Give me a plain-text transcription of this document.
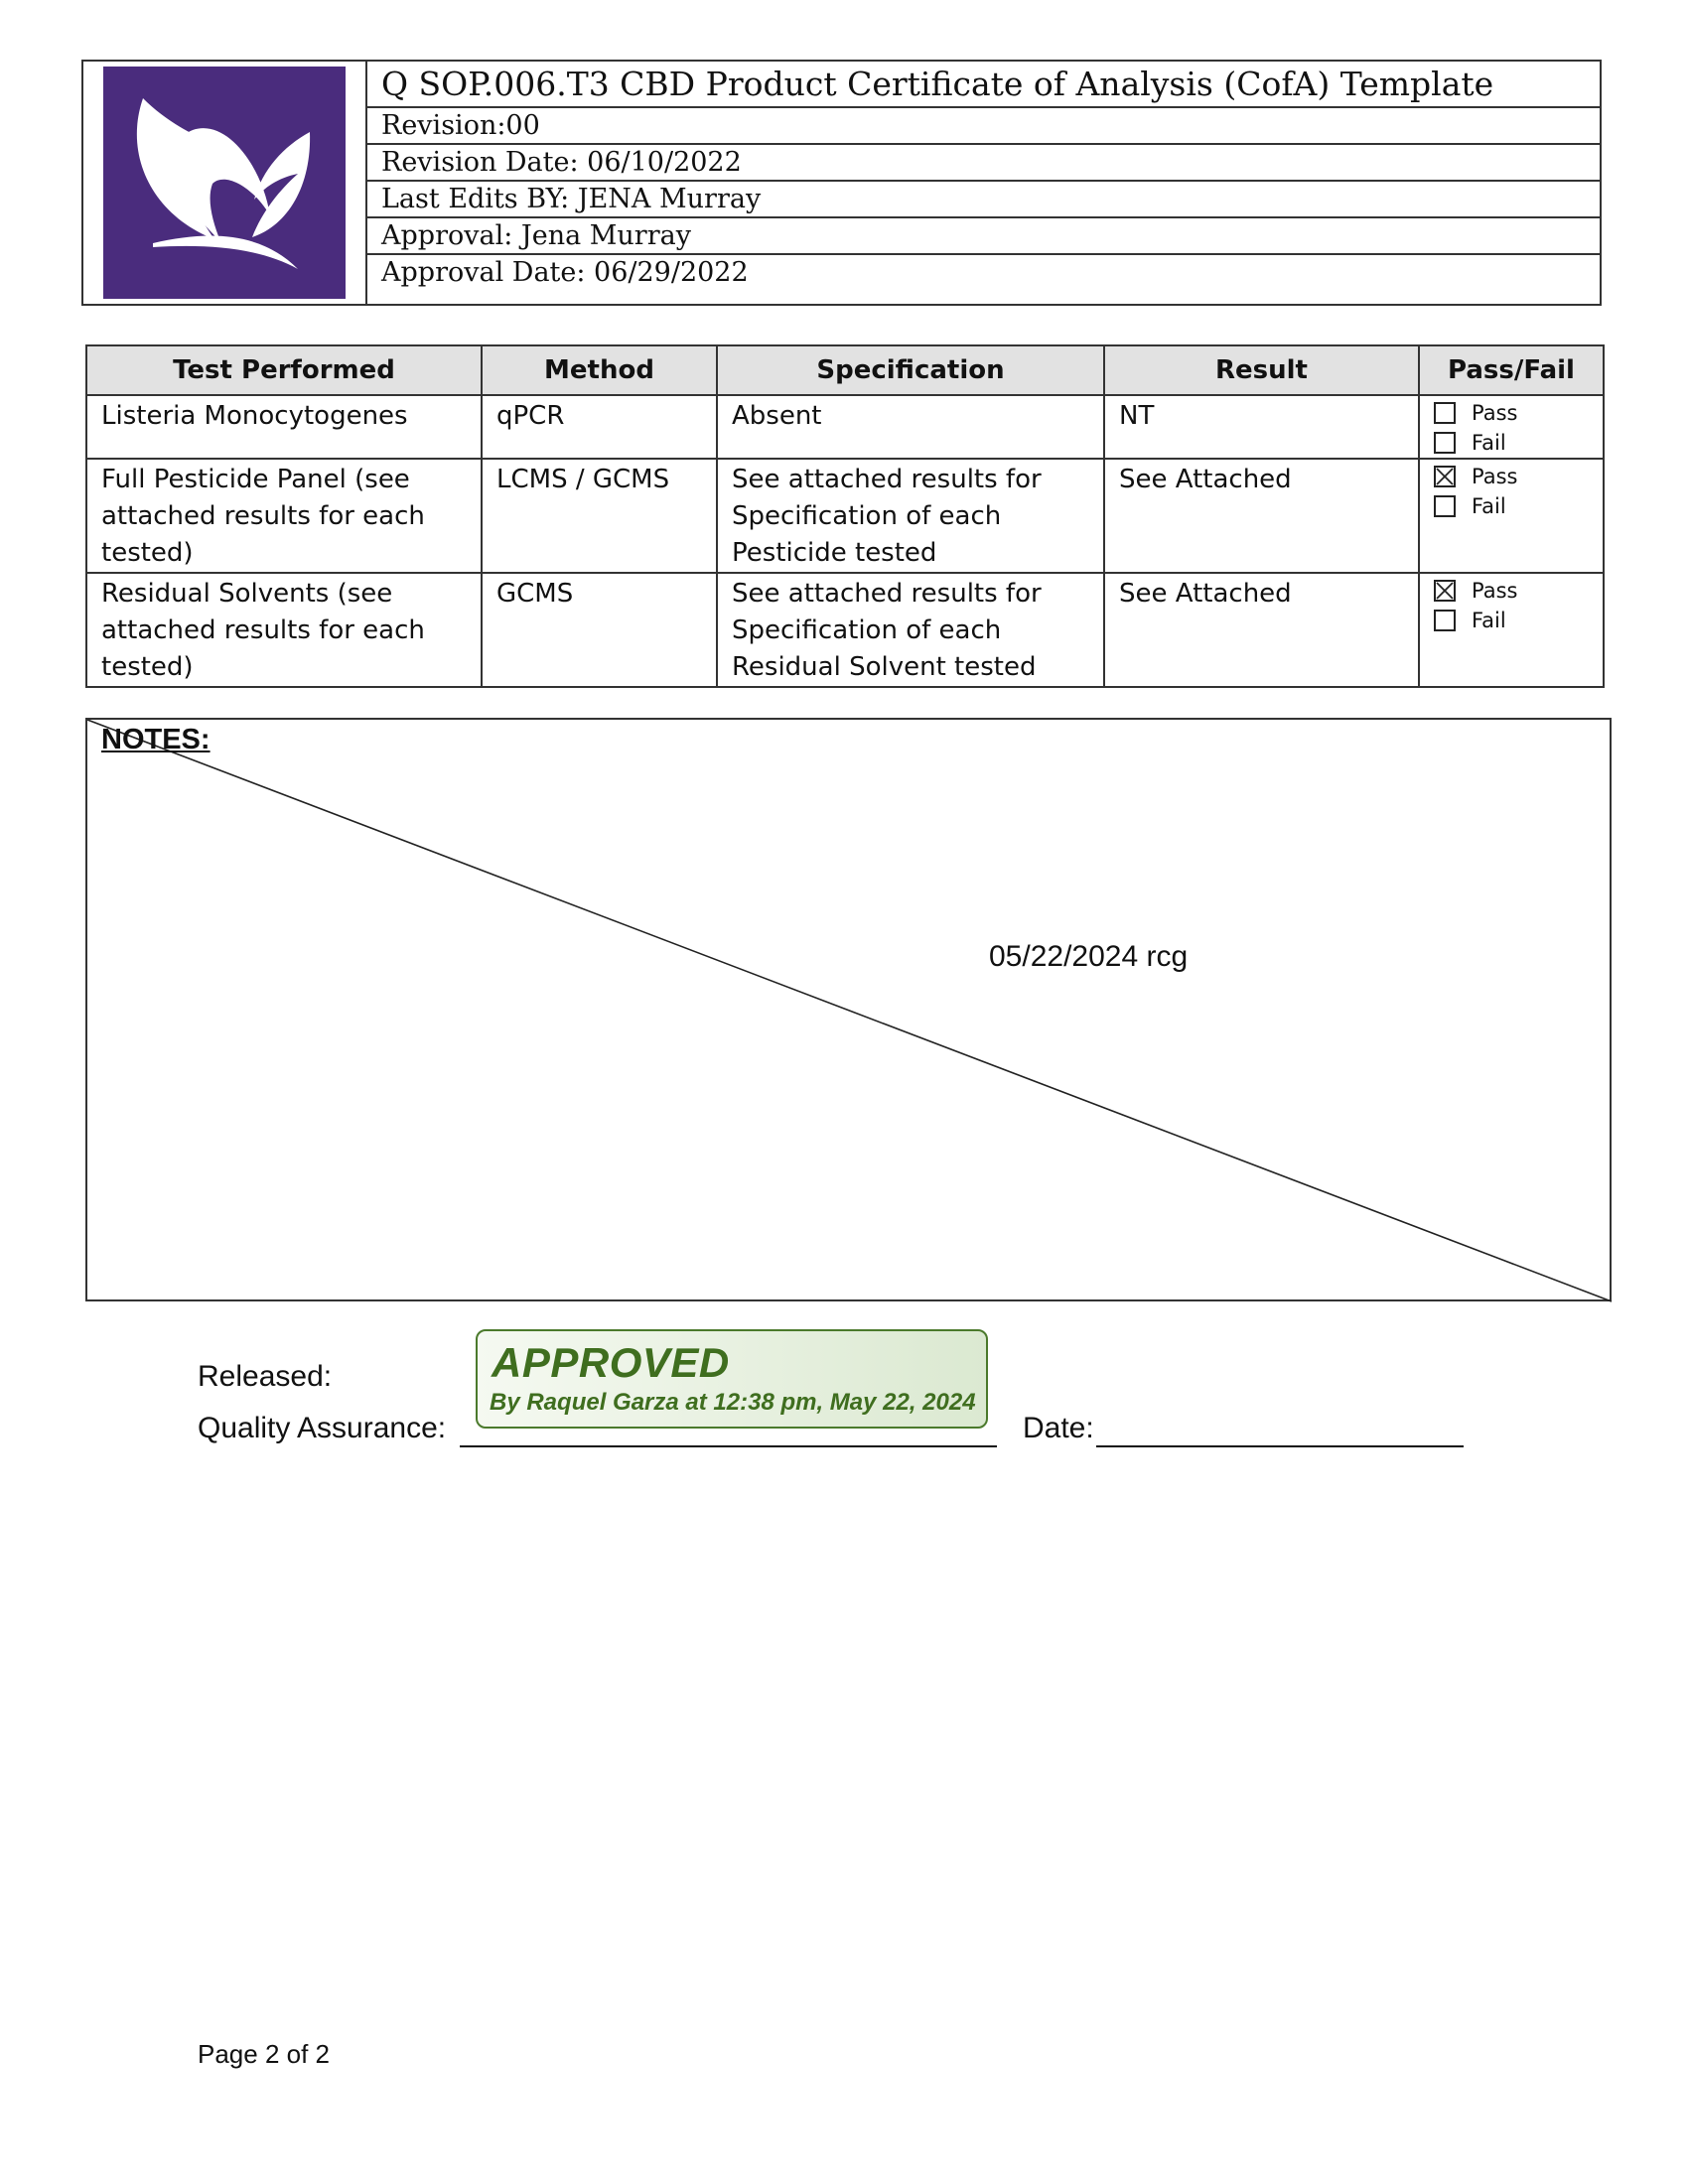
Q SOP.006.T3 CBD Product Certificate of Analysis (CofA) Template
Revision:00
Revision Date: 06/10/2022
Last Edits BY: JENA Murray
Approval: Jena Murray
Approval Date: 06/29/2022
Test Performed	Method	Specification	Result	Pass/Fail
Listeria Monocytogenes	qPCR	Absent	NT	Pass
Fail

Full Pesticide Panel (see attached results for each tested)	LCMS / GCMS	See attached results for Specification of each Pesticide tested	See Attached	Pass
Fail

Residual Solvents (see attached results for each tested)	GCMS	See attached results for Specification of each Residual Solvent tested	See Attached	Pass
Fail
NOTES:
05/22/2024 rcg
Released:	APPROVED
By Raquel Garza at 12:38 pm, May 22, 2024
Quality Assurance:	Date:
Page 2 of 2
